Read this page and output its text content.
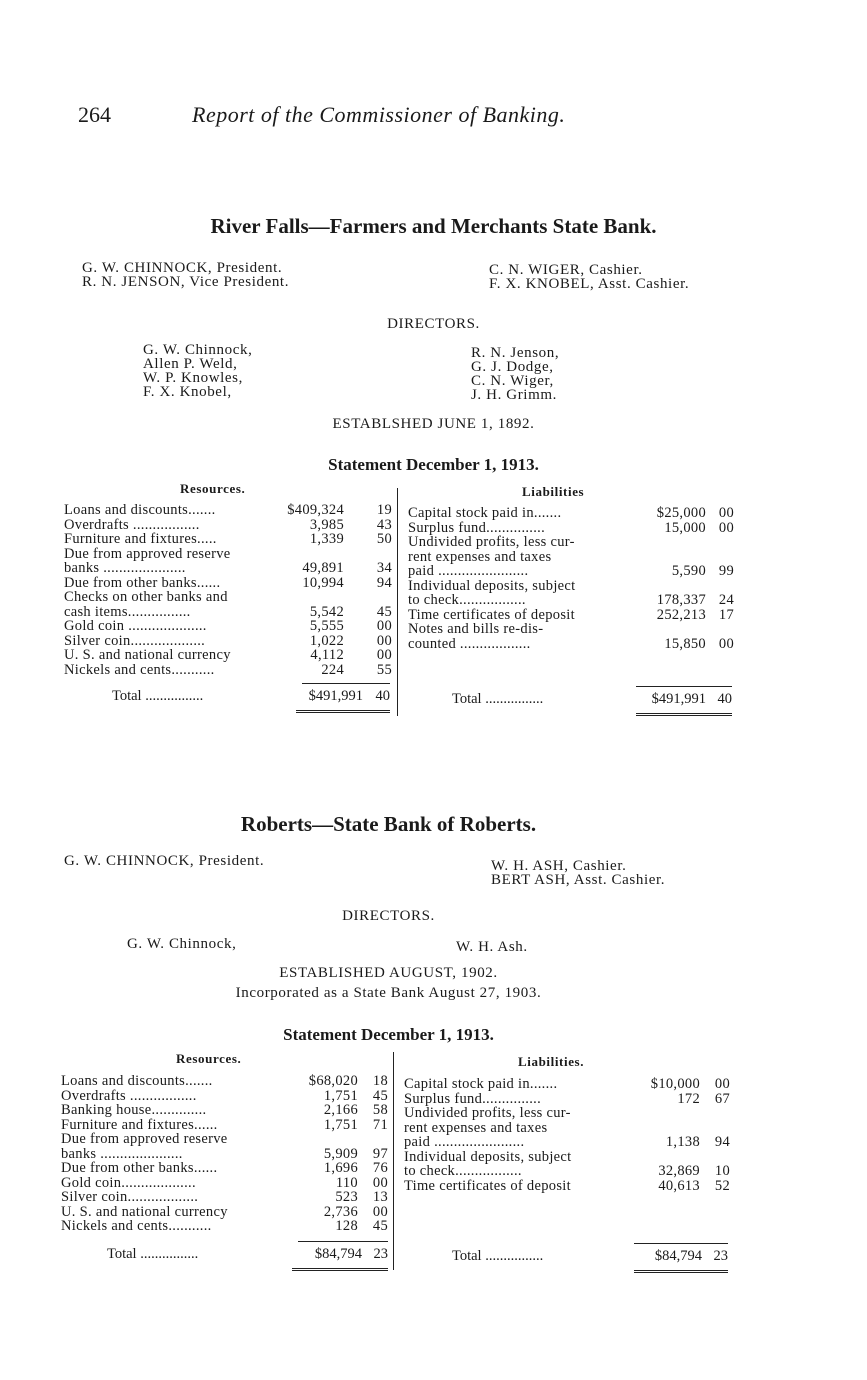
264	Report of the Commissioner of Banking.
River Falls—Farmers and Merchants State Bank.
G. W. CHINNOCK, President.
R. N. JENSON, Vice President.
C. N. WIGER, Cashier.
F. X. KNOBEL, Asst. Cashier.
DIRECTORS.
G. W. Chinnock,
Allen P. Weld,
W. P. Knowles,
F. X. Knobel,
R. N. Jenson,
G. J. Dodge,
C. N. Wiger,
J. H. Grimm.
ESTABLSHED JUNE 1, 1892.
Statement December 1, 1913.
Resources.	Liabilities
Loans and discounts.......	$409,324	19
Overdrafts .................	3,985	43
Furniture and fixtures.....	1,339	50
Due from approved reserve
banks .....................	49,891	34
Due from other banks......	10,994	94
Checks on other banks and
cash items................	5,542	45
Gold coin ....................	5,555	00
Silver coin...................	1,022	00
U. S. and national currency	4,112	00
Nickels and cents...........	224	55
Capital stock paid in.......	$25,000 00
Surplus fund...............	15,000 00
Undivided profits, less cur-
rent expenses and taxes
paid .......................	5,590 99
Individual deposits, subject
to check.................	178,337 24
Time certificates of deposit	252,213 17
Notes and bills re-dis-
counted ..................	15,850 00
Total ................	$491,991 40	Total ................	$491,991 40
Roberts—State Bank of Roberts.
G. W. CHINNOCK, President.	W. H. ASH, Cashier.
BERT ASH, Asst. Cashier.
DIRECTORS.
G. W. Chinnock,	W. H. Ash.
ESTABLISHED AUGUST, 1902.
Incorporated as a State Bank August 27, 1903.
Statement December 1, 1913.
Resources.	Liabilities.
Loans and discounts.......	$68,020	18
Overdrafts .................	1,751	45
Banking house..............	2,166	58
Furniture and fixtures......	1,751	71
Due from approved reserve
banks .....................	5,909	97
Due from other banks......	1,696	76
Gold coin...................	110	00
Silver coin..................	523	13
U. S. and national currency	2,736	00
Nickels and cents...........	128	45
Capital stock paid in.......	$10,000	00
Surplus fund...............	172	67
Undivided profits, less cur-
rent expenses and taxes
paid .......................	1,138	94
Individual deposits, subject
to check.................	32,869	10
Time certificates of deposit	40,613	52
Total ................	$84,794 23	Total ................	$84,794 23
